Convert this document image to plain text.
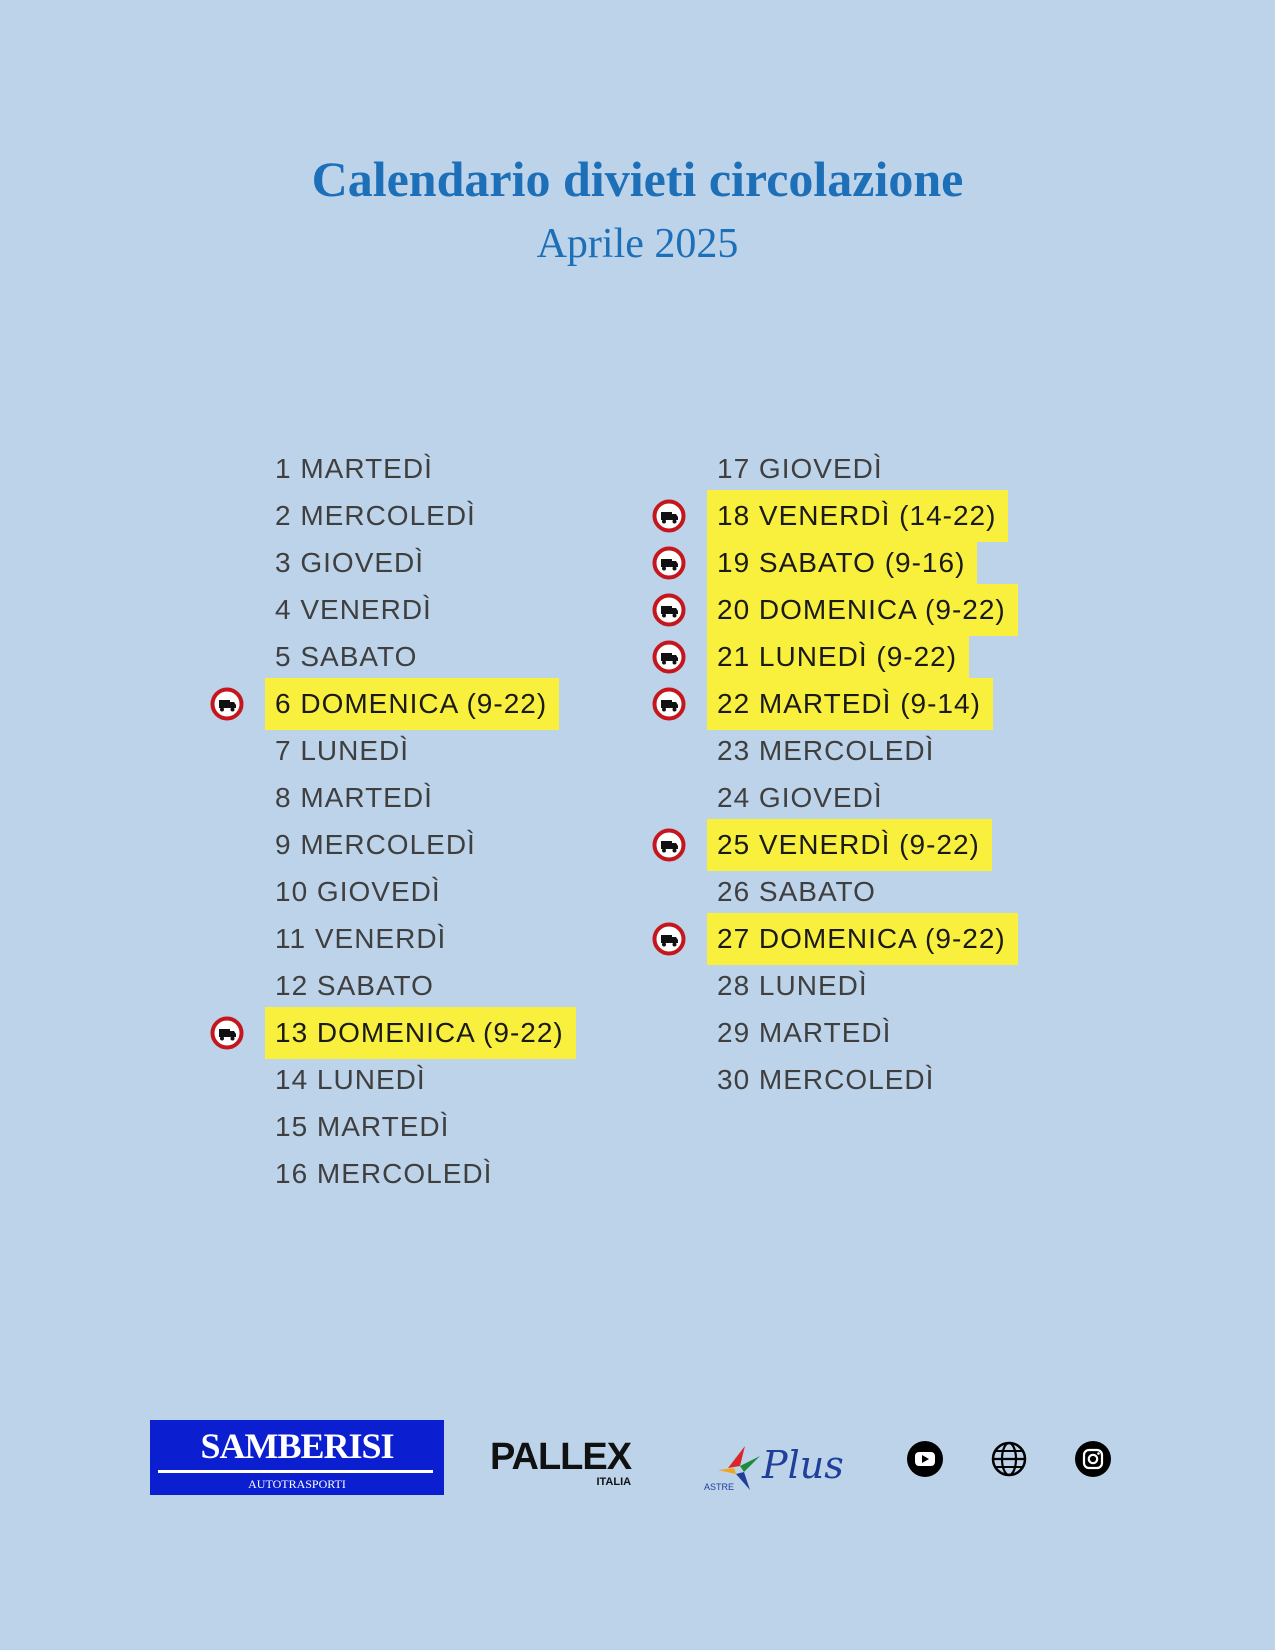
Calendario divieti circolazione
Aprile 2025
1 MARTEDÌ
2 MERCOLEDÌ
3 GIOVEDÌ
4 VENERDÌ
5 SABATO
6 DOMENICA (9-22)
7 LUNEDÌ
8 MARTEDÌ
9 MERCOLEDÌ
10 GIOVEDÌ
11 VENERDÌ
12 SABATO
13 DOMENICA (9-22)
14 LUNEDÌ
15 MARTEDÌ
16 MERCOLEDÌ
17 GIOVEDÌ
18 VENERDÌ (14-22)
19 SABATO (9-16)
20 DOMENICA (9-22)
21 LUNEDÌ (9-22)
22 MARTEDÌ (9-14)
23 MERCOLEDÌ
24 GIOVEDÌ
25 VENERDÌ (9-22)
26 SABATO
27 DOMENICA (9-22)
28 LUNEDÌ
29 MARTEDÌ
30 MERCOLEDÌ
SAMBERISI
AUTOTRASPORTI
PALLEX
ITALIA	ASTRE Plus
